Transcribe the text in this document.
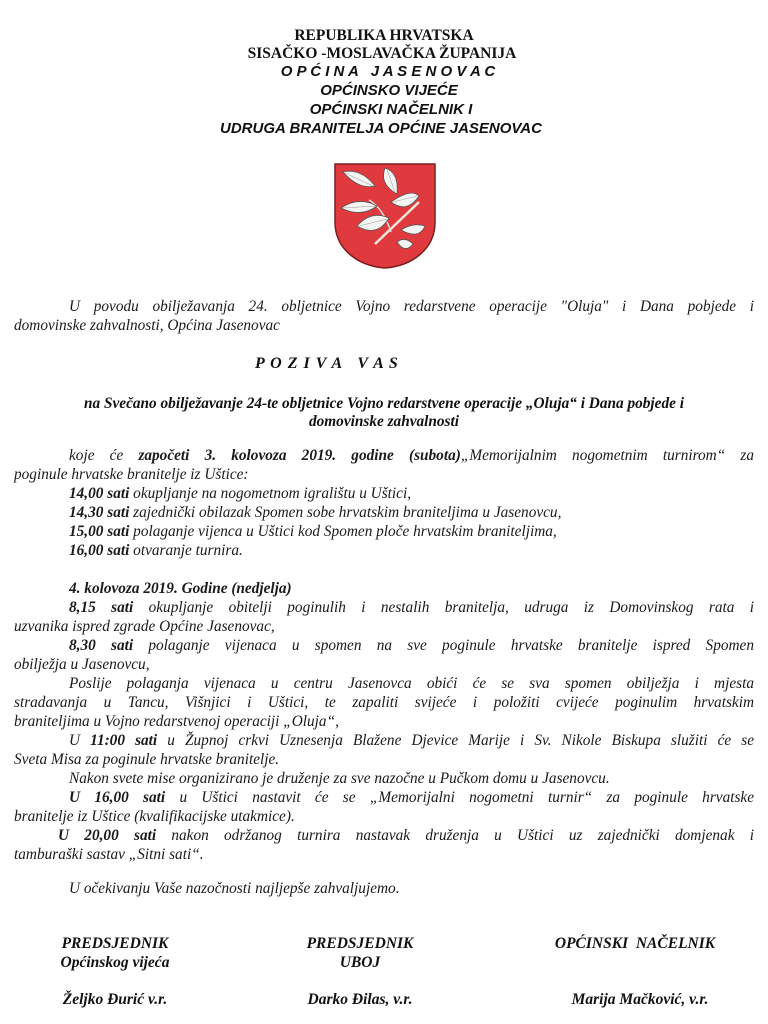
REPUBLIKA HRVATSKA
SISAČKO -MOSLAVAČKA ŽUPANIJA
O P Ć I N A   J A S E N O V A C
OPĆINSKO VIJEĆE
OPĆINSKI NAČELNIK I
UDRUGA BRANITELJA OPĆINE JASENOVAC
U povodu obilježavanja 24. obljetnice Vojno redarstvene operacije "Oluja" i Dana pobjede i
domovinske zahvalnosti, Općina Jasenovac
P O Z I V A   V A S
na Svečano obilježavanje 24-te obljetnice Vojno redarstvene operacije „Oluja“ i Dana pobjede i
domovinske zahvalnosti
koje će započeti 3. kolovoza 2019. godine (subota)„Memorijalnim nogometnim turnirom“ za
poginule hrvatske branitelje iz Uštice:
14,00 sati okupljanje na nogometnom igralištu u Uštici,
14,30 sati zajednički obilazak Spomen sobe hrvatskim braniteljima u Jasenovcu,
15,00 sati polaganje vijenca u Uštici kod Spomen ploče hrvatskim braniteljima,
16,00 sati otvaranje turnira.
4. kolovoza 2019. Godine (nedjelja)
8,15 sati okupljanje obitelji poginulih i nestalih branitelja, udruga iz Domovinskog rata i
uzvanika ispred zgrade Općine Jasenovac,
8,30 sati polaganje vijenaca u spomen na sve poginule hrvatske branitelje ispred Spomen
obilježja u Jasenovcu,
Poslije polaganja vijenaca u centru Jasenovca obići će se sva spomen obilježja i mjesta
stradavanja u Tancu, Višnjici i Uštici, te zapaliti svijeće i položiti cvijeće poginulim hrvatskim
braniteljima u Vojno redarstvenoj operaciji „Oluja“,
U 11:00 sati u Župnoj crkvi Uznesenja Blažene Djevice Marije i Sv. Nikole Biskupa služiti će se
Sveta Misa za poginule hrvatske branitelje.
Nakon svete mise organizirano je druženje za sve nazočne u Pučkom domu u Jasenovcu.
U 16,00 sati u Uštici nastavit će se „Memorijalni nogometni turnir“ za poginule hrvatske
branitelje iz Uštice (kvalifikacijske utakmice).
U 20,00 sati nakon održanog turnira nastavak druženja u Uštici uz zajednički domjenak i
tamburaški sastav „Sitni sati“.
U očekivanju Vaše nazočnosti najljepše zahvaljujemo.
PREDSJEDNIK
Općinskog vijeća
Željko Đurić v.r.
PREDSJEDNIK
UBOJ
Darko Đilas, v.r.
OPĆINSKI  NAČELNIK
Marija Mačković, v.r.
